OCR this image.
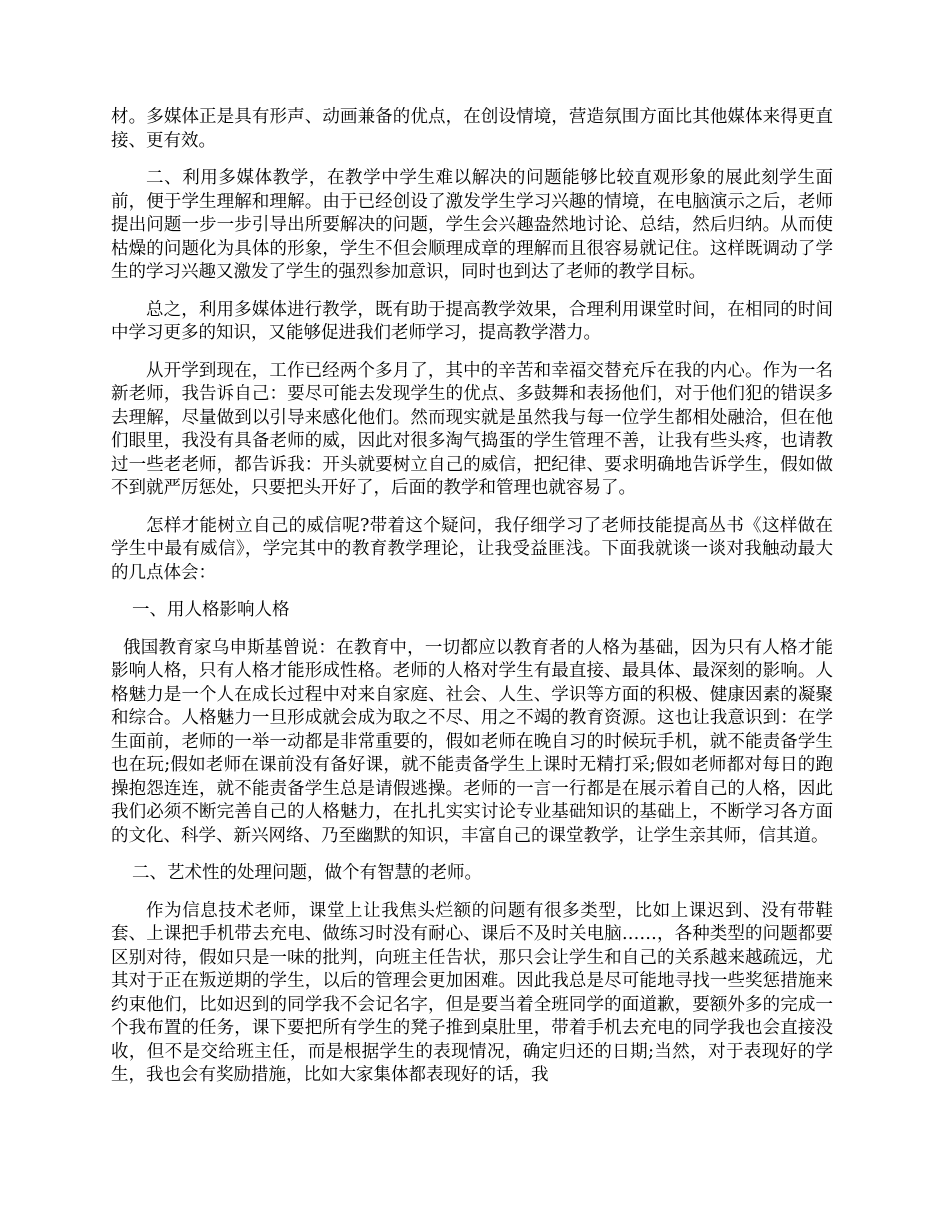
材。多媒体正是具有形声、动画兼备的优点，在创设情境，营造氛围方面比其他媒体来得更直接、更有效。

二、利用多媒体教学，在教学中学生难以解决的问题能够比较直观形象的展此刻学生面前，便于学生理解和理解。由于已经创设了激发学生学习兴趣的情境，在电脑演示之后，老师提出问题一步一步引导出所要解决的问题，学生会兴趣盎然地讨论、总结，然后归纳。从而使枯燥的问题化为具体的形象，学生不但会顺理成章的理解而且很容易就记住。这样既调动了学生的学习兴趣又激发了学生的强烈参加意识，同时也到达了老师的教学目标。

总之，利用多媒体进行教学，既有助于提高教学效果，合理利用课堂时间，在相同的时间中学习更多的知识，又能够促进我们老师学习，提高教学潜力。

从开学到现在，工作已经两个多月了，其中的辛苦和幸福交替充斥在我的内心。作为一名新老师，我告诉自己：要尽可能去发现学生的优点、多鼓舞和表扬他们，对于他们犯的错误多去理解，尽量做到以引导来感化他们。然而现实就是虽然我与每一位学生都相处融洽，但在他们眼里，我没有具备老师的威，因此对很多淘气捣蛋的学生管理不善，让我有些头疼，也请教过一些老老师，都告诉我：开头就要树立自己的威信，把纪律、要求明确地告诉学生，假如做不到就严厉惩处，只要把头开好了，后面的教学和管理也就容易了。

怎样才能树立自己的威信呢?带着这个疑问，我仔细学习了老师技能提高丛书《这样做在学生中最有威信》，学完其中的教育教学理论，让我受益匪浅。下面我就谈一谈对我触动最大的几点体会：

一、用人格影响人格

俄国教育家乌申斯基曾说：在教育中，一切都应以教育者的人格为基础，因为只有人格才能影响人格，只有人格才能形成性格。老师的人格对学生有最直接、最具体、最深刻的影响。人格魅力是一个人在成长过程中对来自家庭、社会、人生、学识等方面的积极、健康因素的凝聚和综合。人格魅力一旦形成就会成为取之不尽、用之不竭的教育资源。这也让我意识到：在学生面前，老师的一举一动都是非常重要的，假如老师在晚自习的时候玩手机，就不能责备学生也在玩;假如老师在课前没有备好课，就不能责备学生上课时无精打采;假如老师都对每日的跑操抱怨连连，就不能责备学生总是请假逃操。老师的一言一行都是在展示着自己的人格，因此我们必须不断完善自己的人格魅力，在扎扎实实讨论专业基础知识的基础上，不断学习各方面的文化、科学、新兴网络、乃至幽默的知识，丰富自己的课堂教学，让学生亲其师，信其道。

二、艺术性的处理问题，做个有智慧的老师。

作为信息技术老师，课堂上让我焦头烂额的问题有很多类型，比如上课迟到、没有带鞋套、上课把手机带去充电、做练习时没有耐心、课后不及时关电脑……，各种类型的问题都要区别对待，假如只是一味的批判，向班主任告状，那只会让学生和自己的关系越来越疏远，尤其对于正在叛逆期的学生，以后的管理会更加困难。因此我总是尽可能地寻找一些奖惩措施来约束他们，比如迟到的同学我不会记名字，但是要当着全班同学的面道歉，要额外多的完成一个我布置的任务，课下要把所有学生的凳子推到桌肚里，带着手机去充电的同学我也会直接没收，但不是交给班主任，而是根据学生的表现情况，确定归还的日期;当然，对于表现好的学生，我也会有奖励措施，比如大家集体都表现好的话，我
